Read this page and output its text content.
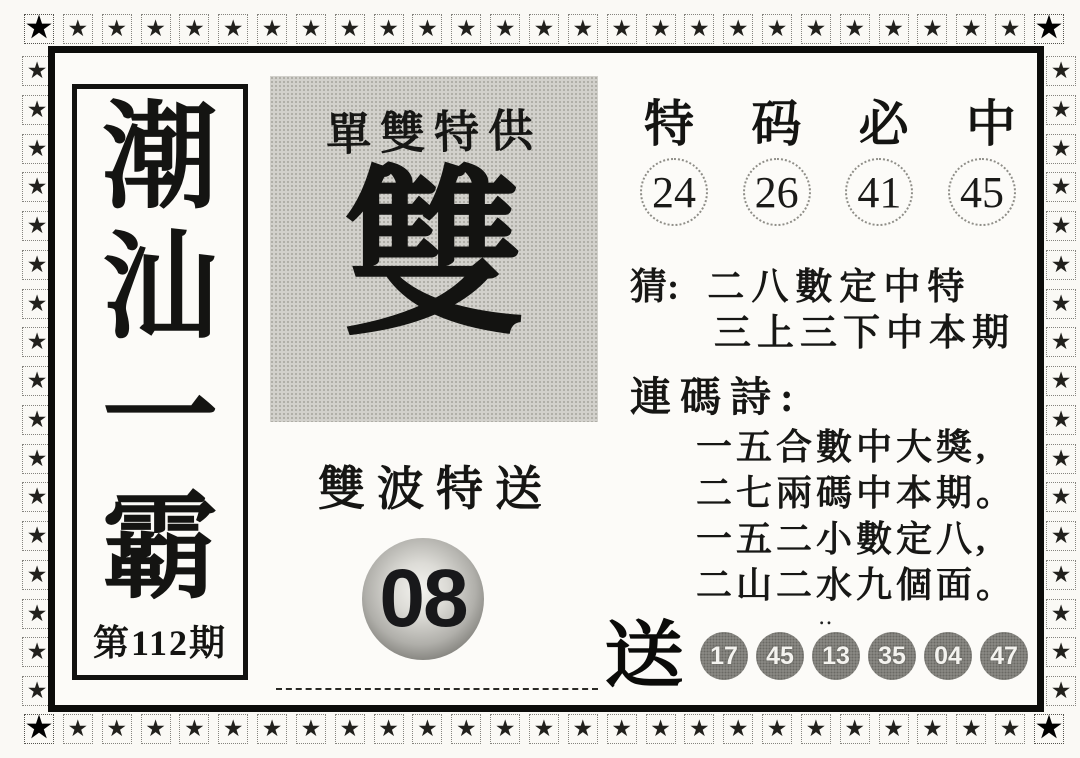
★ ★ ★ ★ ★ ★ ★ ★ ★ ★ ★ ★ ★ ★ ★ ★ ★ ★ ★ ★ ★ ★ ★ ★ ★ ★ ★
★ ★ ★ ★ ★ ★ ★ ★ ★ ★ ★ ★ ★ ★ ★ ★ ★ ★ ★ ★ ★ ★ ★ ★ ★ ★ ★
★
★
★
★
★
★
★
★
★
★
★
★
★
★
★
★
★
★
★
★
★
★
★
★
★
★
★
★
★
★
★
★
★
★
潮
汕
一
霸
第112期
單雙特供
雙
雙波特送
08
特 码 必 中
24 26 41 45
猜: 二八數定中特
三上三下中本期
連碼詩:
一五合數中大獎,
二七兩碼中本期。
一五二小數定八,
二山二水九個面。
‥
送	17	45	13	35	04	47
